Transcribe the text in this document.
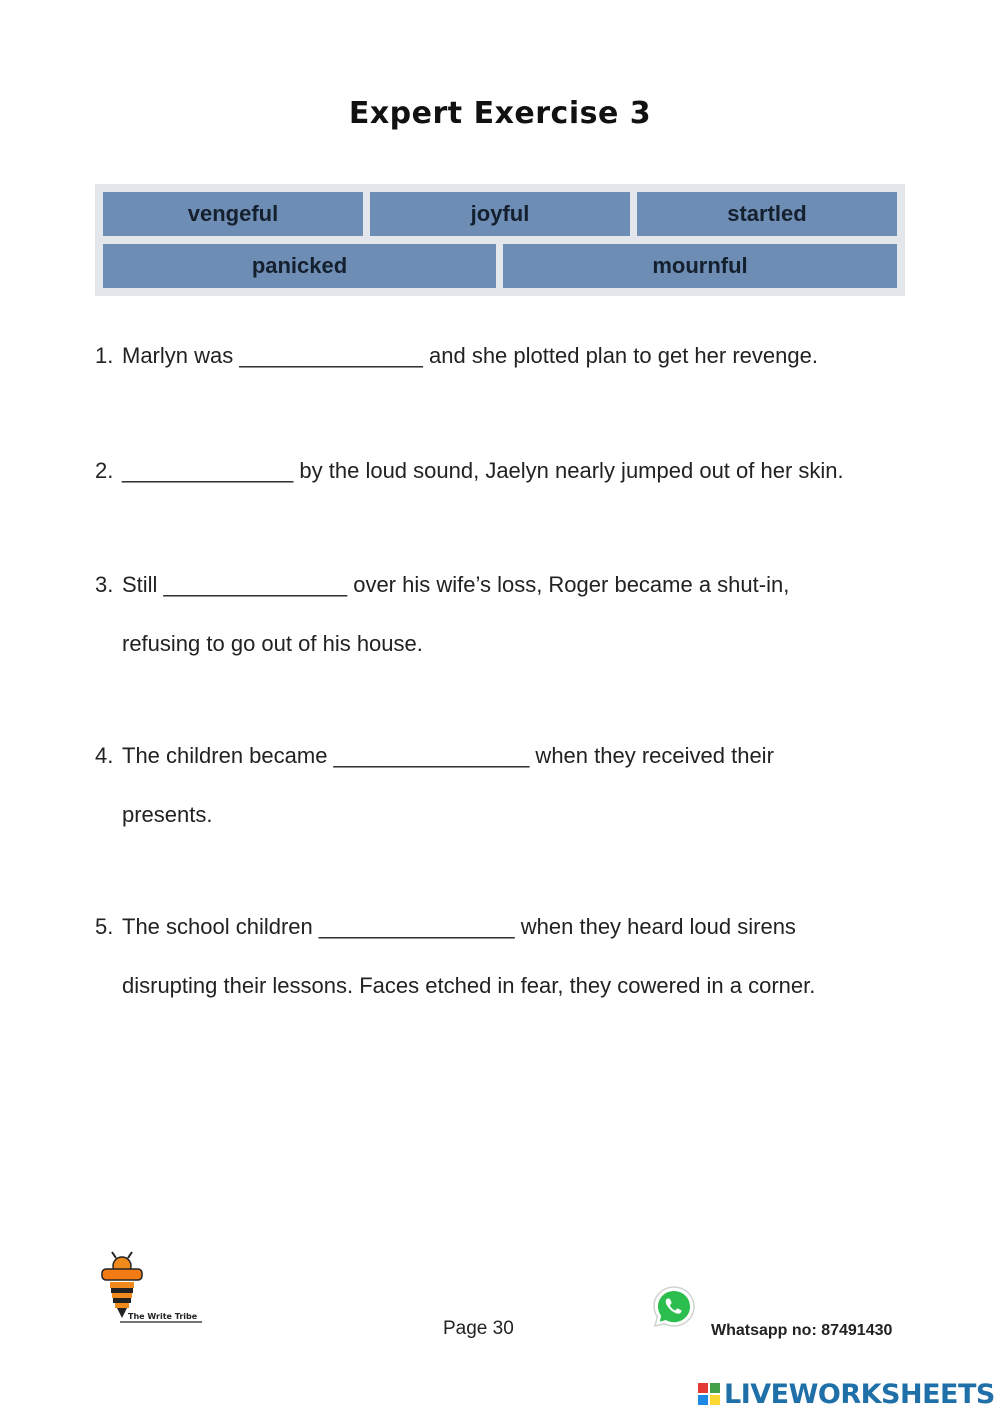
Expert Exercise 3
vengeful	joyful	startled
panicked	mournful
1. Marlyn was _______________ and she plotted plan to get her revenge.
2. ______________ by the loud sound, Jaelyn nearly jumped out of her skin.
3. Still _______________ over his wife’s loss, Roger became a shut-in,
refusing to go out of his house.
4. The children became ________________ when they received their
presents.
5. The school children ________________ when they heard loud sirens
disrupting their lessons. Faces etched in fear, they cowered in a corner.
The Write Tribe
Page 30	Whatsapp no: 87491430
LIVEWORKSHEETS
